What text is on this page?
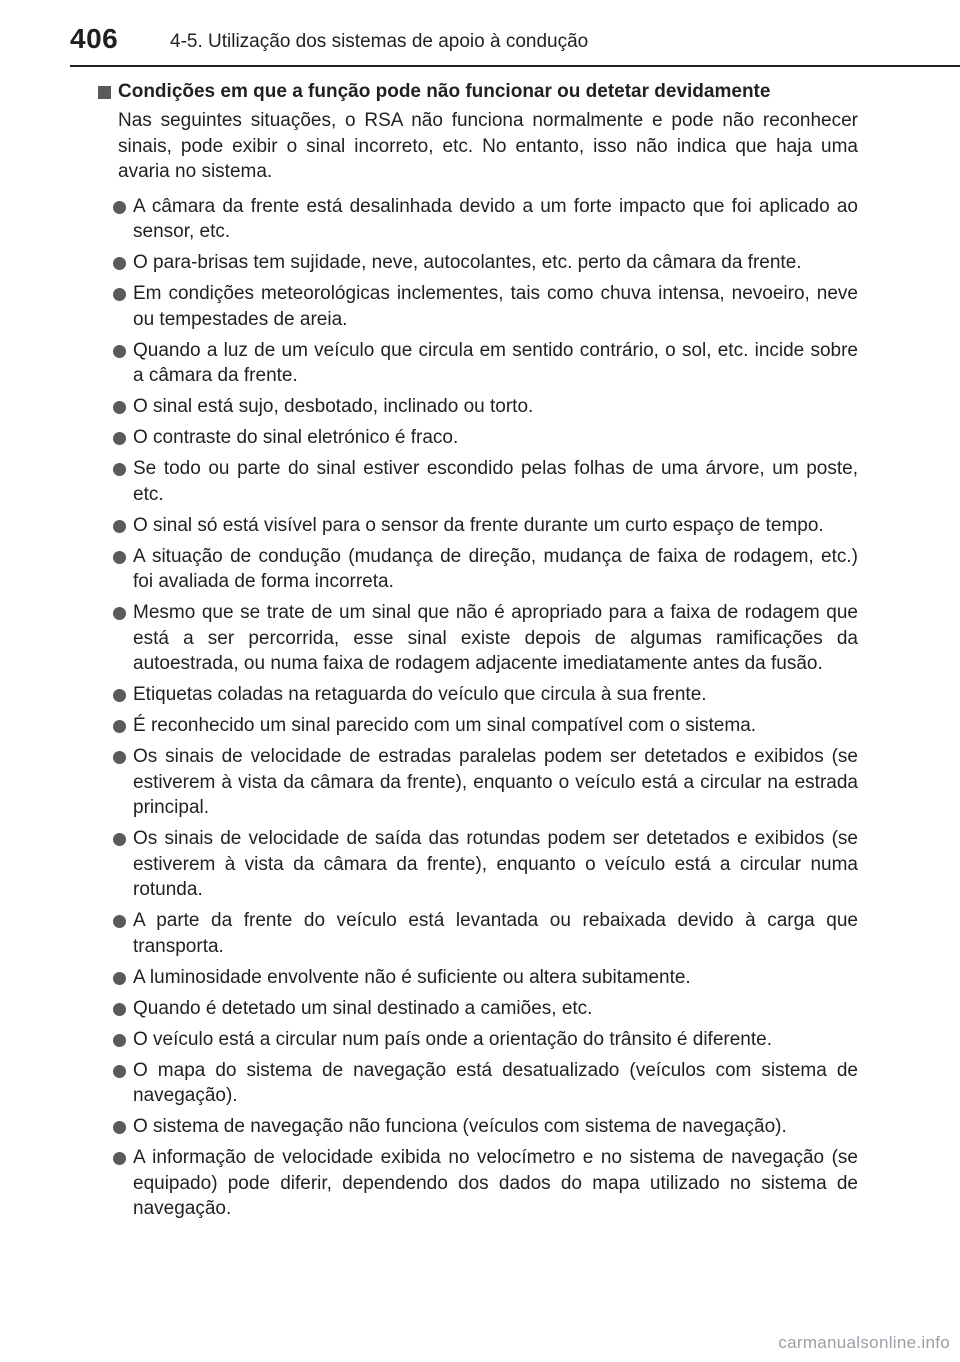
406	4-5. Utilização dos sistemas de apoio à condução
Condições em que a função pode não funcionar ou detetar devidamente
Nas seguintes situações, o RSA não funciona normalmente e pode não reconhecer sinais, pode exibir o sinal incorreto, etc. No entanto, isso não indica que haja uma avaria no sistema.
A câmara da frente está desalinhada devido a um forte impacto que foi aplicado ao sensor, etc.
O para-brisas tem sujidade, neve, autocolantes, etc. perto da câmara da frente.
Em condições meteorológicas inclementes, tais como chuva intensa, nevoeiro, neve ou tempestades de areia.
Quando a luz de um veículo que circula em sentido contrário, o sol, etc. incide sobre a câmara da frente.
O sinal está sujo, desbotado, inclinado ou torto.
O contraste do sinal eletrónico é fraco.
Se todo ou parte do sinal estiver escondido pelas folhas de uma árvore, um poste, etc.
O sinal só está visível para o sensor da frente durante um curto espaço de tempo.
A situação de condução (mudança de direção, mudança de faixa de rodagem, etc.) foi avaliada de forma incorreta.
Mesmo que se trate de um sinal que não é apropriado para a faixa de rodagem que está a ser percorrida, esse sinal existe depois de algumas ramificações da autoestrada, ou numa faixa de rodagem adjacente imediatamente antes da fusão.
Etiquetas coladas na retaguarda do veículo que circula à sua frente.
É reconhecido um sinal parecido com um sinal compatível com o sistema.
Os sinais de velocidade de estradas paralelas podem ser detetados e exibidos (se estiverem à vista da câmara da frente), enquanto o veículo está a circular na estrada principal.
Os sinais de velocidade de saída das rotundas podem ser detetados e exibidos (se estiverem à vista da câmara da frente), enquanto o veículo está a circular numa rotunda.
A parte da frente do veículo está levantada ou rebaixada devido à carga que transporta.
A luminosidade envolvente não é suficiente ou altera subitamente.
Quando é detetado um sinal destinado a camiões, etc.
O veículo está a circular num país onde a orientação do trânsito é diferente.
O mapa do sistema de navegação está desatualizado (veículos com sistema de navegação).
O sistema de navegação não funciona (veículos com sistema de navegação).
A informação de velocidade exibida no velocímetro e no sistema de navegação (se equipado) pode diferir, dependendo dos dados do mapa utilizado no sistema de navegação.
carmanualsonline.info
